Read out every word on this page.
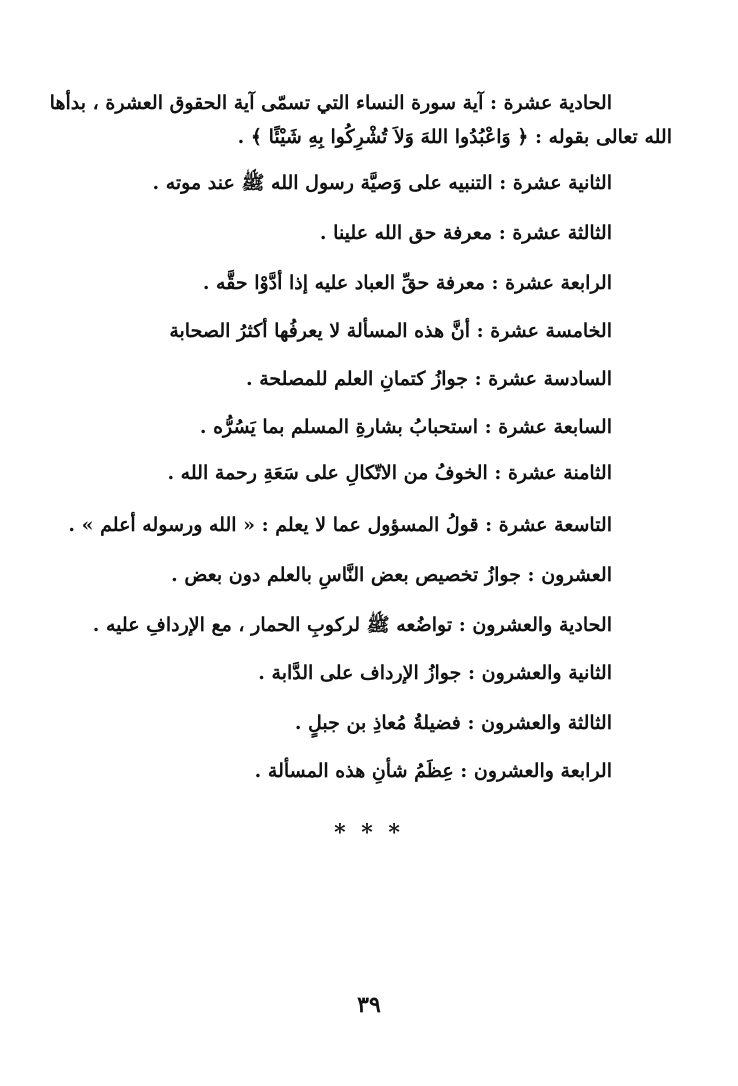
الحادية عشرة : آية سورة النساء التي تسمّى آية الحقوق العشرة ، بدأها
الله تعالى بقوله : ﴿ وَاعْبُدُوا اللهَ وَلاَ تُشْرِكُوا بِهِ شَيْئًا ﴾ .
الثانية عشرة : التنبيه على وَصيَّة رسول الله ﷺ عند موته .
الثالثة عشرة : معرفة حق الله علينا .
الرابعة عشرة : معرفة حقِّ العباد عليه إذا أدَّوْا حقَّه .
الخامسة عشرة : أنَّ هذه المسألة لا يعرفُها أكثرُ الصحابة
السادسة عشرة : جوازُ كتمانِ العلم للمصلحة .
السابعة عشرة : استحبابُ بشارةِ المسلم بما يَسُرُّه .
الثامنة عشرة : الخوفُ من الاتّكالِ على سَعَةِ رحمة الله .
التاسعة عشرة : قولُ المسؤول عما لا يعلم : « الله ورسوله أعلم » .
العشرون : جوازُ تخصيص بعض النَّاسِ بالعلم دون بعض .
الحادية والعشرون : تواضُعه ﷺ لركوبِ الحمار ، مع الإردافِ عليه .
الثانية والعشرون : جوازُ الإرداف على الدَّابة .
الثالثة والعشرون : فضيلةُ مُعاذِ بن جبلٍ .
الرابعة والعشرون : عِظَمُ شأنِ هذه المسألة .
* * *
٣٩
